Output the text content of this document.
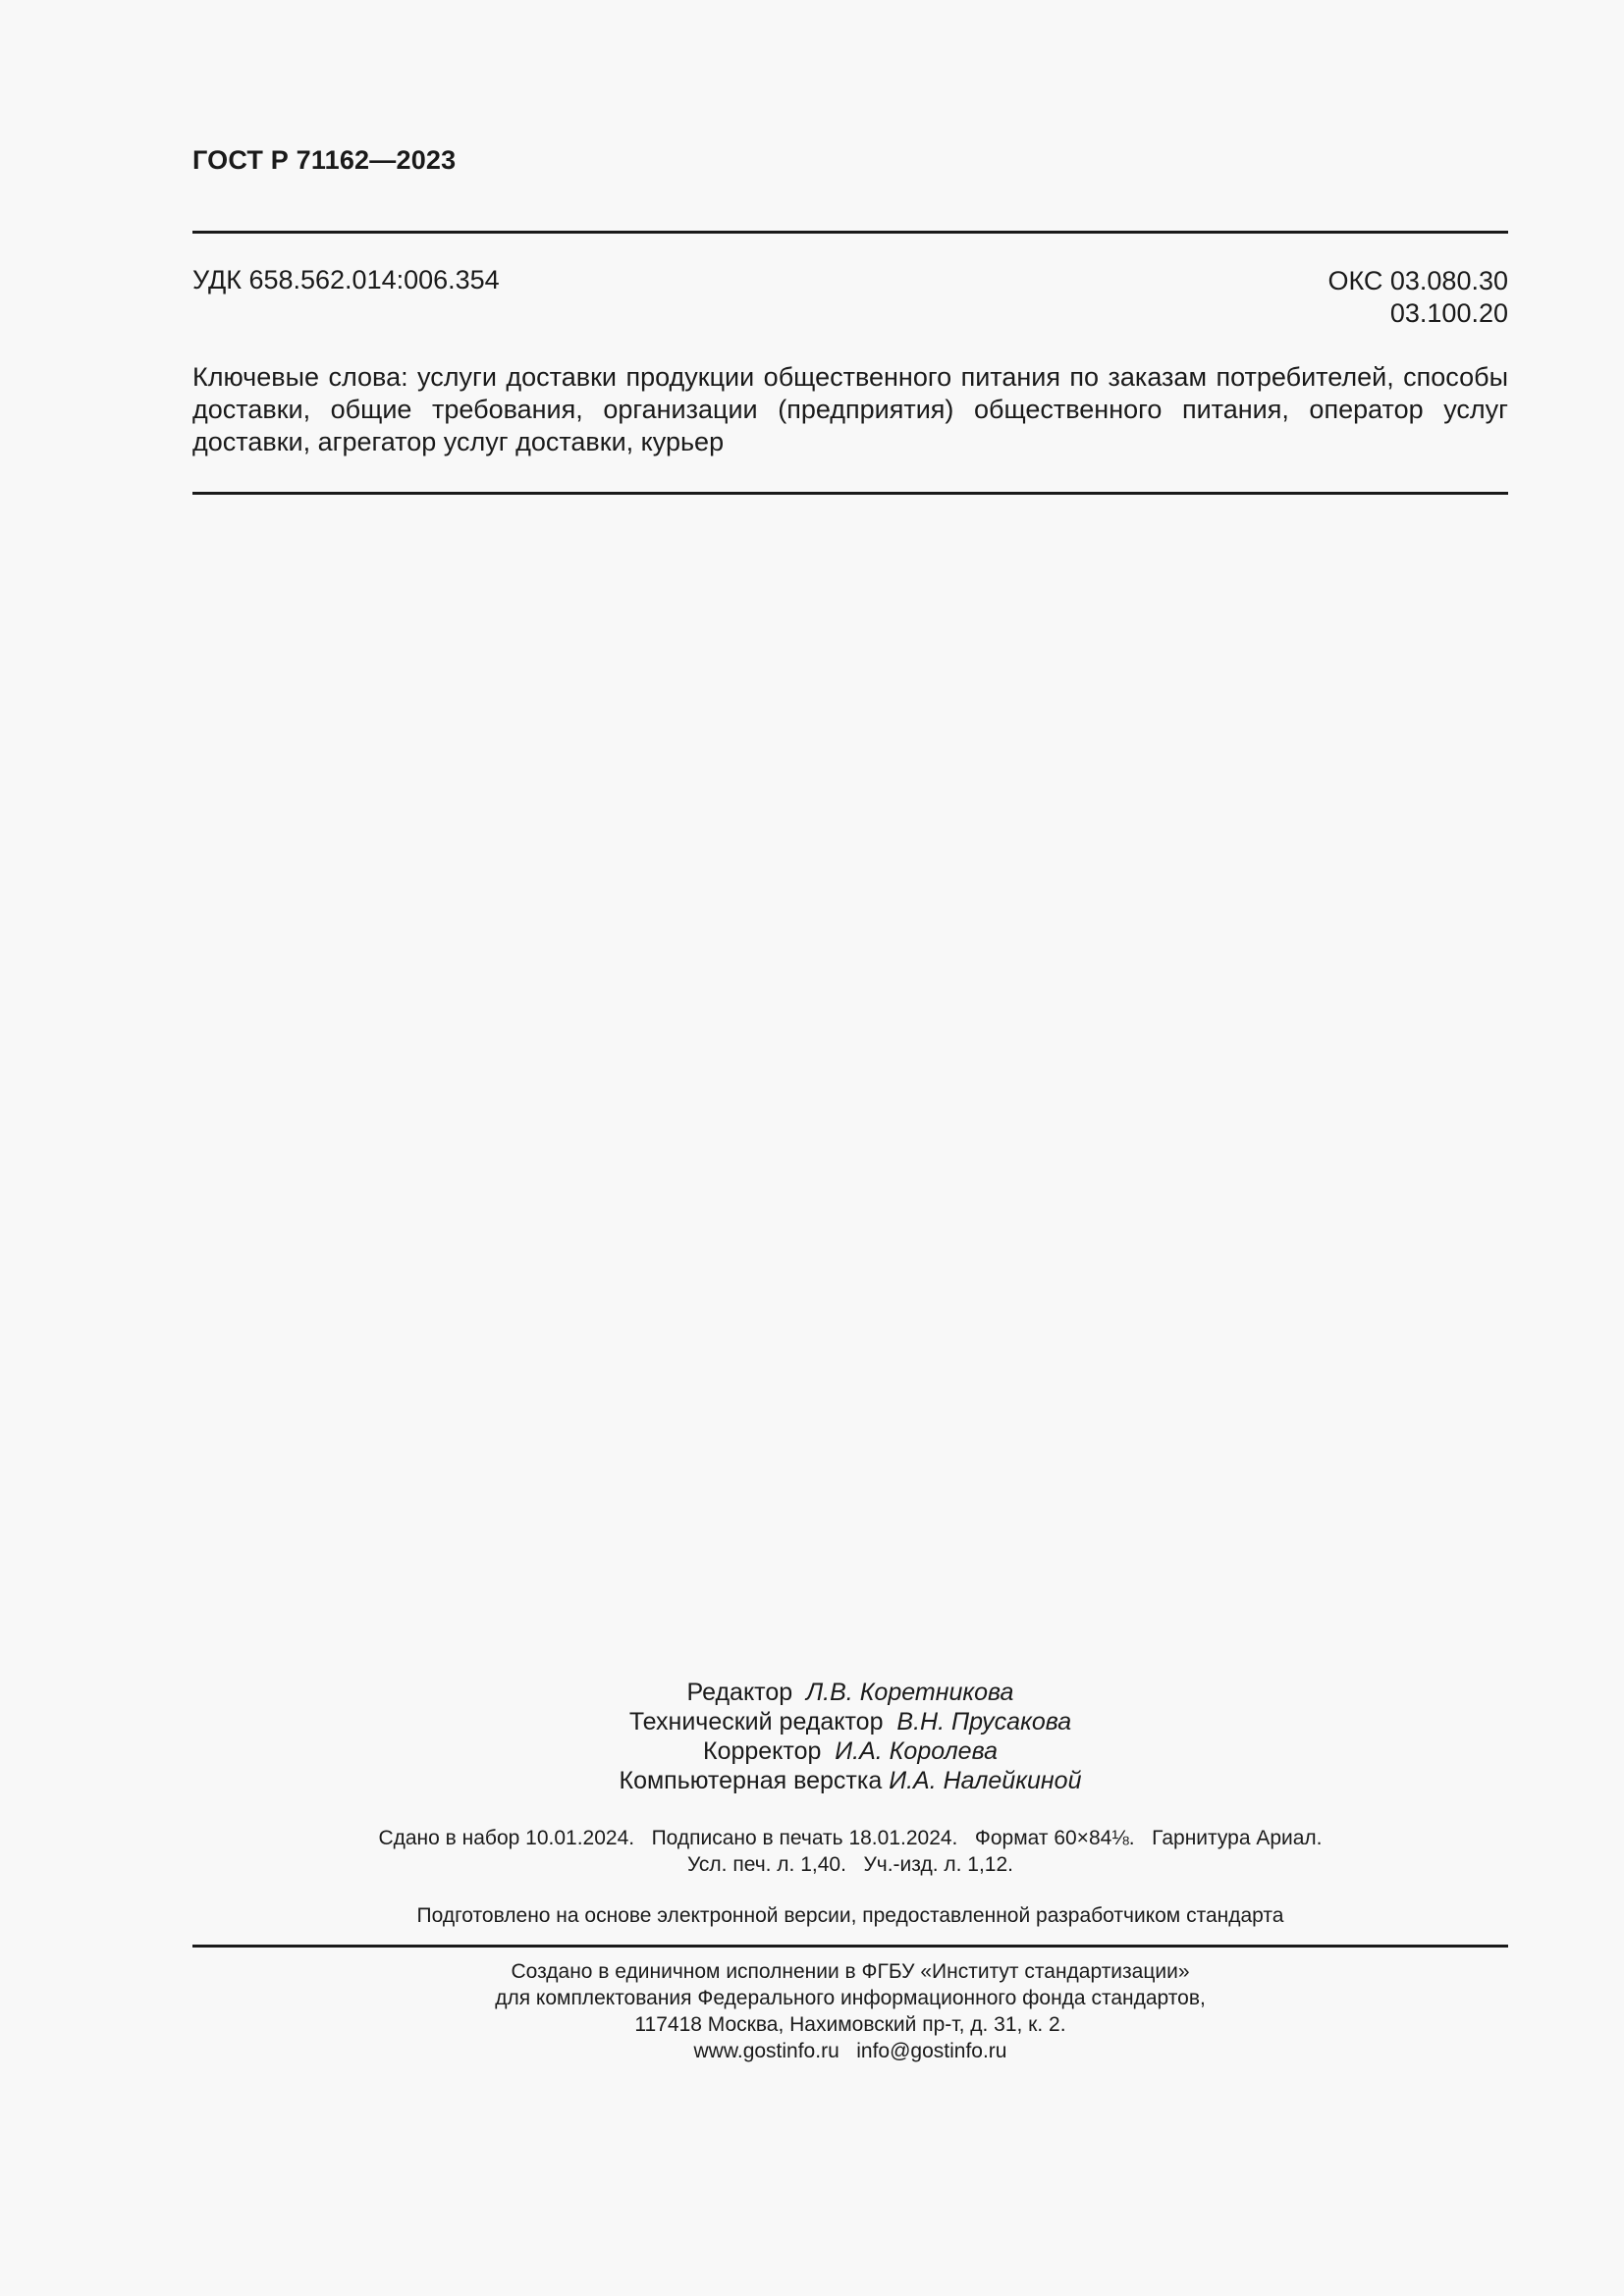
ГОСТ Р 71162—2023
УДК 658.562.014:006.354	ОКС 03.080.30
03.100.20
Ключевые слова: услуги доставки продукции общественного питания по заказам потребителей, способы доставки, общие требования, организации (предприятия) общественного питания, оператор услуг доставки, агрегатор услуг доставки, курьер
Редактор Л.В. Коретникова
Технический редактор В.Н. Прусакова
Корректор И.А. Королева
Компьютерная верстка И.А. Налейкиной
Сдано в набор 10.01.2024.   Подписано в печать 18.01.2024.   Формат 60×84⅛.   Гарнитура Ариал.
Усл. печ. л. 1,40.   Уч.-изд. л. 1,12.
Подготовлено на основе электронной версии, предоставленной разработчиком стандарта
Создано в единичном исполнении в ФГБУ «Институт стандартизации»
для комплектования Федерального информационного фонда стандартов,
117418 Москва, Нахимовский пр-т, д. 31, к. 2.
www.gostinfo.ru   info@gostinfo.ru
